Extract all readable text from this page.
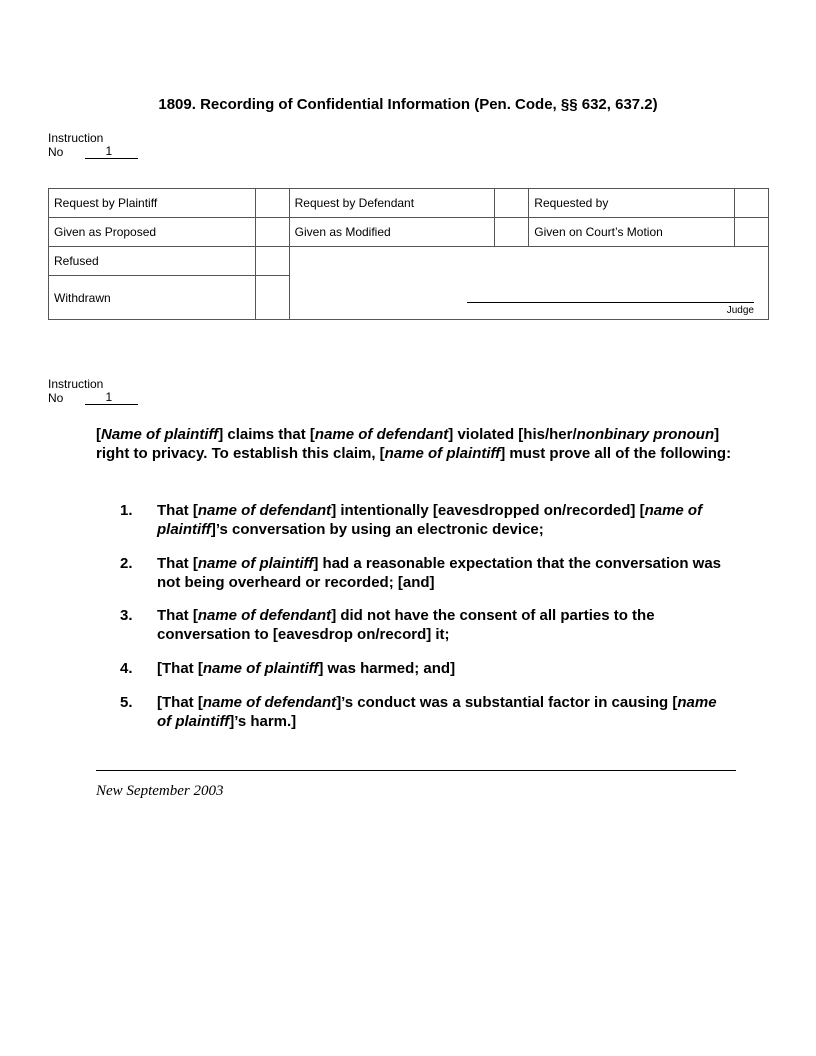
1809. Recording of Confidential Information (Pen. Code, §§ 632, 637.2)
Instruction
No	1
Request by Plaintiff		Request by Defendant		Requested by	
Given as Proposed		Given as Modified		Given on Court’s Motion	
Refused		Judge			

Withdrawn					
Instruction
No	1
[Name of plaintiff] claims that [name of defendant] violated [his/her/nonbinary pronoun] right to privacy. To establish this claim, [name of plaintiff] must prove all of the following:
1.	That [name of defendant] intentionally [eavesdropped on/recorded] [name of plaintiff]’s conversation by using an electronic device;
2.	That [name of plaintiff] had a reasonable expectation that the conversation was not being overheard or recorded; [and]
3.	That [name of defendant] did not have the consent of all parties to the conversation to [eavesdrop on/record] it;
4.	[That [name of plaintiff] was harmed; and]
5.	[That [name of defendant]’s conduct was a substantial factor in causing [name of plaintiff]’s harm.]
New September 2003
